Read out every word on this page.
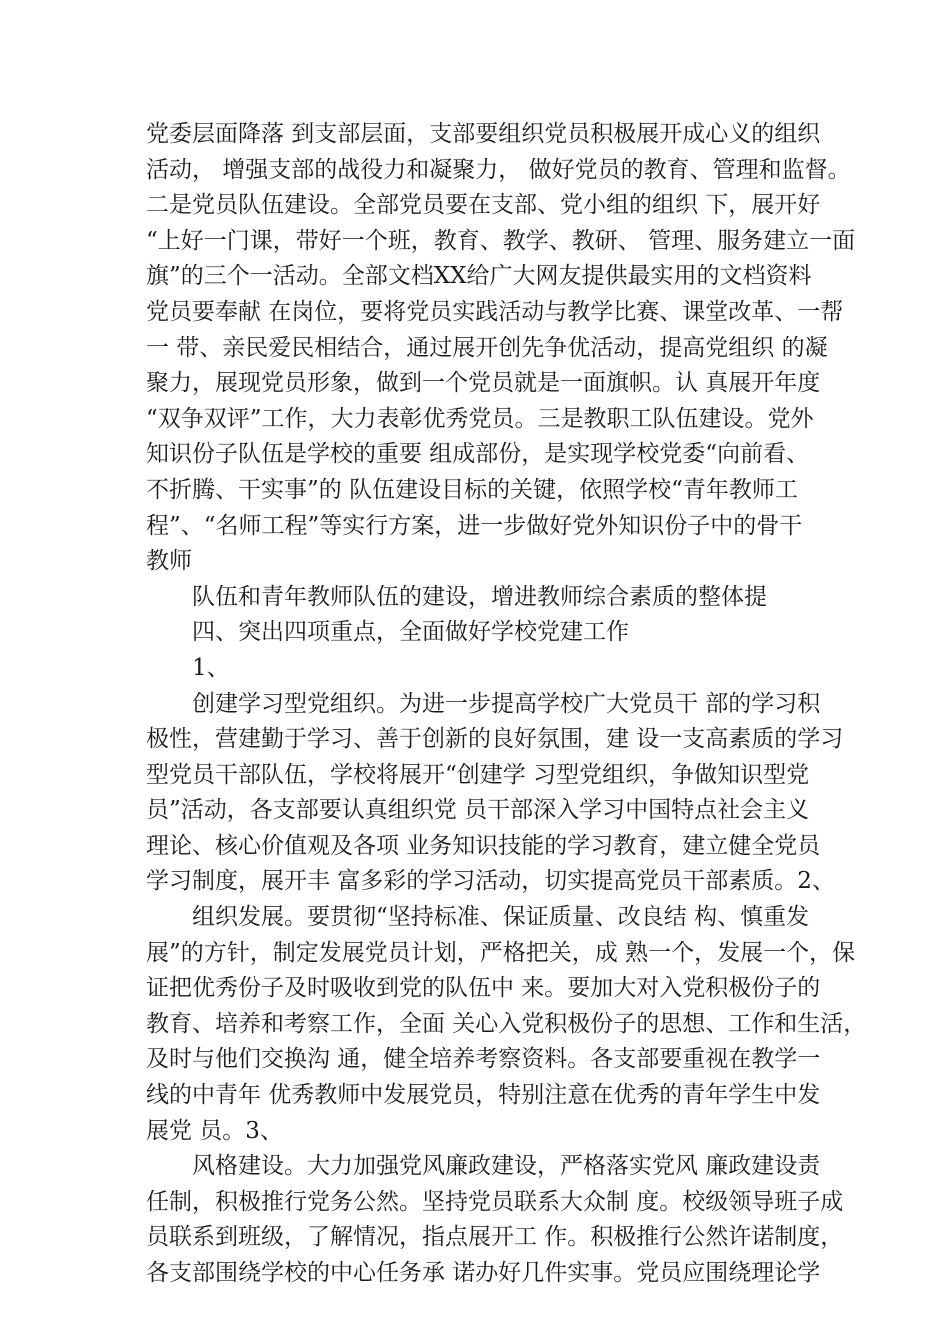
党委层面降落 到支部层面，支部要组织党员积极展开成心义的组织
活动， 增强支部的战役力和凝聚力， 做好党员的教育、管理和监督。
二是党员队伍建设。全部党员要在支部、党小组的组织 下，展开好
“上好一门课，带好一个班，教育、教学、教研、 管理、服务建立一面
旗”的三个一活动。全部文档XX给广大网友提供最实用的文档资料
党员要奉献 在岗位，要将党员实践活动与教学比赛、课堂改革、一帮
一 带、亲民爱民相结合，通过展开创先争优活动，提高党组织 的凝
聚力，展现党员形象，做到一个党员就是一面旗帜。认 真展开年度
“双争双评”工作，大力表彰优秀党员。三是教职工队伍建设。党外
知识份子队伍是学校的重要 组成部份，是实现学校党委“向前看、
不折腾、干实事”的 队伍建设目标的关键，依照学校“青年教师工
程”、“名师工程”等实行方案，进一步做好党外知识份子中的骨干
教师
队伍和青年教师队伍的建设，增进教师综合素质的整体提
四、突出四项重点，全面做好学校党建工作
1、
创建学习型党组织。为进一步提高学校广大党员干 部的学习积
极性，营建勤于学习、善于创新的良好氛围，建 设一支高素质的学习
型党员干部队伍，学校将展开“创建学 习型党组织，争做知识型党
员”活动，各支部要认真组织党 员干部深入学习中国特点社会主义
理论、核心价值观及各项 业务知识技能的学习教育，建立健全党员
学习制度，展开丰 富多彩的学习活动，切实提高党员干部素质。2、
组织发展。要贯彻“坚持标准、保证质量、改良结 构、慎重发
展”的方针，制定发展党员计划，严格把关，成 熟一个，发展一个，保
证把优秀份子及时吸收到党的队伍中 来。要加大对入党积极份子的
教育、培养和考察工作，全面 关心入党积极份子的思想、工作和生活，
及时与他们交换沟 通，健全培养考察资料。各支部要重视在教学一
线的中青年 优秀教师中发展党员，特别注意在优秀的青年学生中发
展党 员。3、
风格建设。大力加强党风廉政建设，严格落实党风 廉政建设责
任制，积极推行党务公然。坚持党员联系大众制 度。校级领导班子成
员联系到班级，了解情况，指点展开工 作。积极推行公然许诺制度，
各支部围绕学校的中心任务承 诺办好几件实事。党员应围绕理论学
